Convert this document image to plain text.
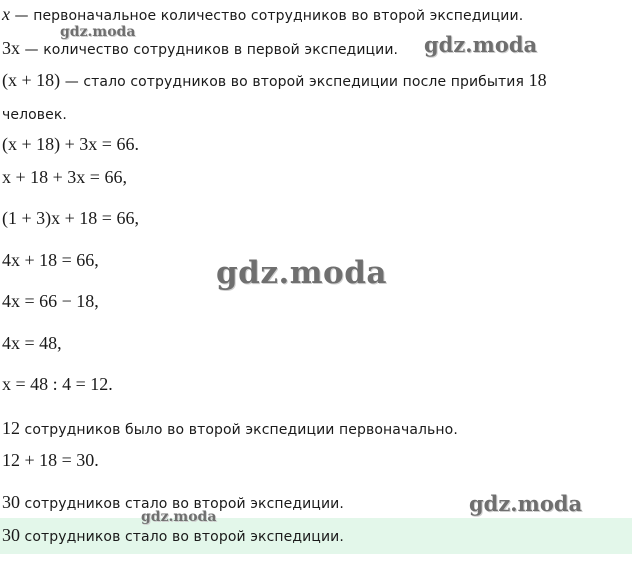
x — первоначальное количество сотрудников во второй экспедиции.
3x — количество сотрудников в первой экспедиции.
(x + 18) — стало сотрудников во второй экспедиции после прибытия 18
человек.
(x + 18) + 3x = 66.
x + 18 + 3x = 66,
(1 + 3)x + 18 = 66,
4x + 18 = 66,
4x = 66 − 18,
4x = 48,
x = 48 : 4 = 12.
12 сотрудников было во второй экспедиции первоначально.
12 + 18 = 30.
30 сотрудников стало во второй экспедиции.
30 сотрудников стало во второй экспедиции.
gdz.moda	gdz.moda
gdz.moda
gdz.moda
gdz.moda
